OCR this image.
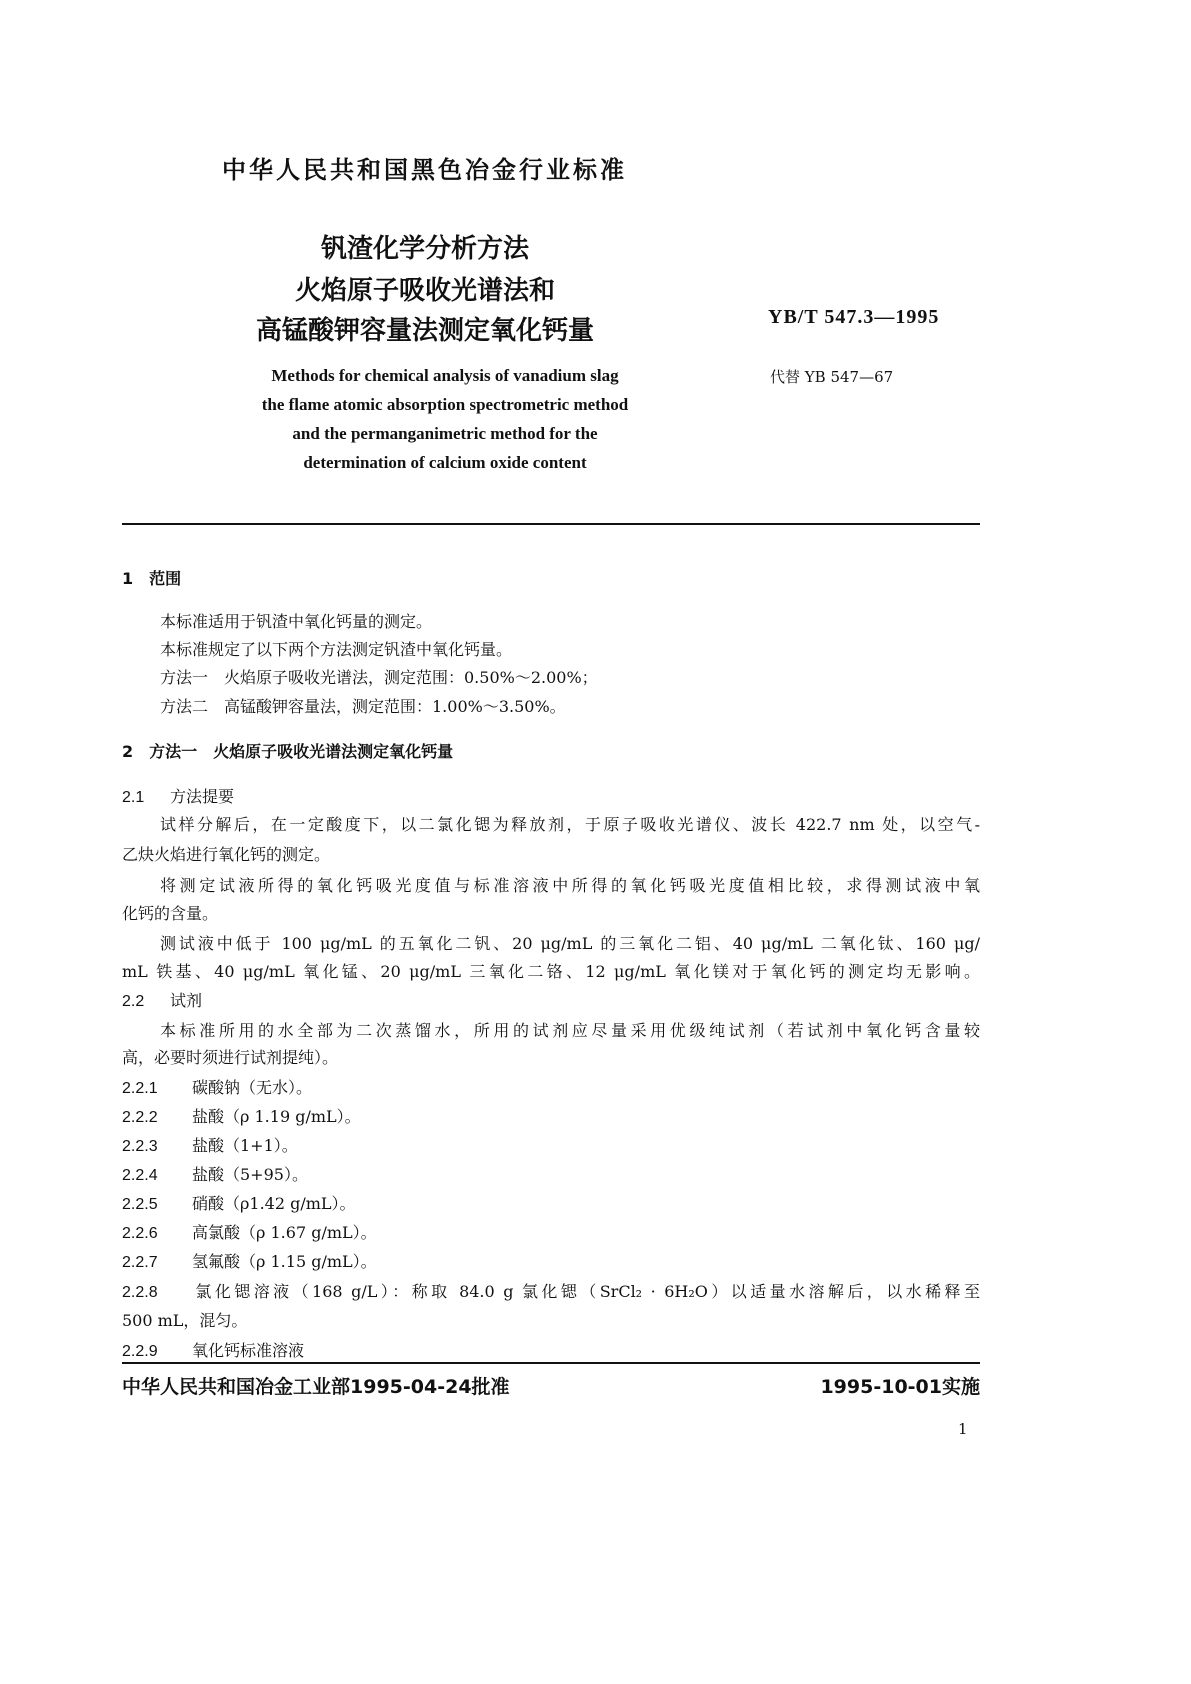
中华人民共和国黑色冶金行业标准
钒渣化学分析方法
火焰原子吸收光谱法和
高锰酸钾容量法测定氧化钙量	YB/T 547.3—1995
代替 YB 547—67
Methods for chemical analysis of vanadium slag
the flame atomic absorption spectrometric method
and the permanganimetric method for the
determination of calcium oxide content
1　范围
本标准适用于钒渣中氧化钙量的测定。
本标准规定了以下两个方法测定钒渣中氧化钙量。
方法一　火焰原子吸收光谱法，测定范围：0.50%～2.00%；
方法二　高锰酸钾容量法，测定范围：1.00%～3.50%。
2　方法一　火焰原子吸收光谱法测定氧化钙量
2.1 方法提要
试样分解后，在一定酸度下，以二氯化锶为释放剂，于原子吸收光谱仪、波长 422.7 nm 处，以空气-
乙炔火焰进行氧化钙的测定。
将测定试液所得的氧化钙吸光度值与标准溶液中所得的氧化钙吸光度值相比较，求得测试液中氧
化钙的含量。
测试液中低于 100 μg/mL 的五氧化二钒、20 μg/mL 的三氧化二铝、40 μg/mL 二氧化钛、160 μg/
mL 铁基、40 μg/mL 氧化锰、20 μg/mL 三氧化二铬、12 μg/mL 氧化镁对于氧化钙的测定均无影响。
2.2 试剂
本标准所用的水全部为二次蒸馏水，所用的试剂应尽量采用优级纯试剂（若试剂中氧化钙含量较
高，必要时须进行试剂提纯）。
2.2.1 碳酸钠（无水）。
2.2.2 盐酸（ρ 1.19 g/mL）。
2.2.3 盐酸（1+1）。
2.2.4 盐酸（5+95）。
2.2.5 硝酸（ρ1.42 g/mL）。
2.2.6 高氯酸（ρ 1.67 g/mL）。
2.2.7 氢氟酸（ρ 1.15 g/mL）。
2.2.8 氯化锶溶液（168 g/L）：称取 84.0 g 氯化锶（SrCl₂ · 6H₂O）以适量水溶解后，以水稀释至
2.2.9 氧化钙标准溶液
500 mL，混匀。
中华人民共和国冶金工业部1995-04-24批准	1995-10-01实施
1
